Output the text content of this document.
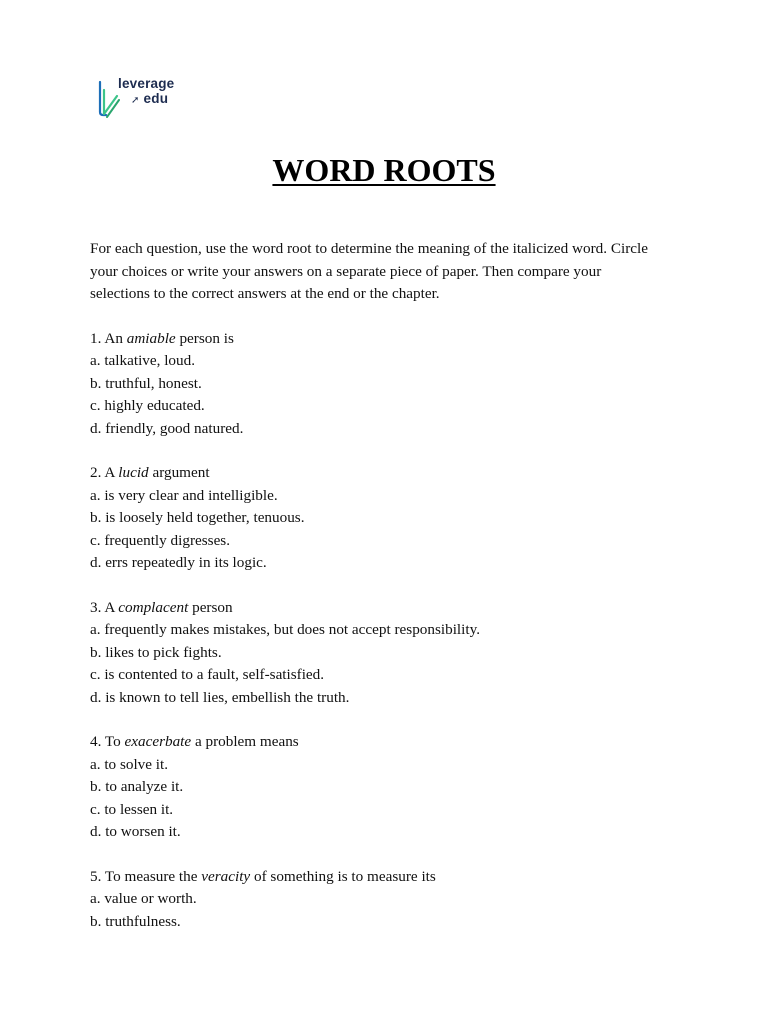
leverage
➚ edu
WORD ROOTS

For each question, use the word root to determine the meaning of the italicized word. Circle your choices or write your answers on a separate piece of paper. Then compare your selections to the correct answers at the end or the chapter.

1. An amiable person is
a. talkative, loud.
b. truthful, honest.
c. highly educated.
d. friendly, good natured.
2. A lucid argument
a. is very clear and intelligible.
b. is loosely held together, tenuous.
c. frequently digresses.
d. errs repeatedly in its logic.
3. A complacent person
a. frequently makes mistakes, but does not accept responsibility.
b. likes to pick fights.
c. is contented to a fault, self-satisfied.
d. is known to tell lies, embellish the truth.
4. To exacerbate a problem means
a. to solve it.
b. to analyze it.
c. to lessen it.
d. to worsen it.
5. To measure the veracity of something is to measure its
a. value or worth.
b. truthfulness.
